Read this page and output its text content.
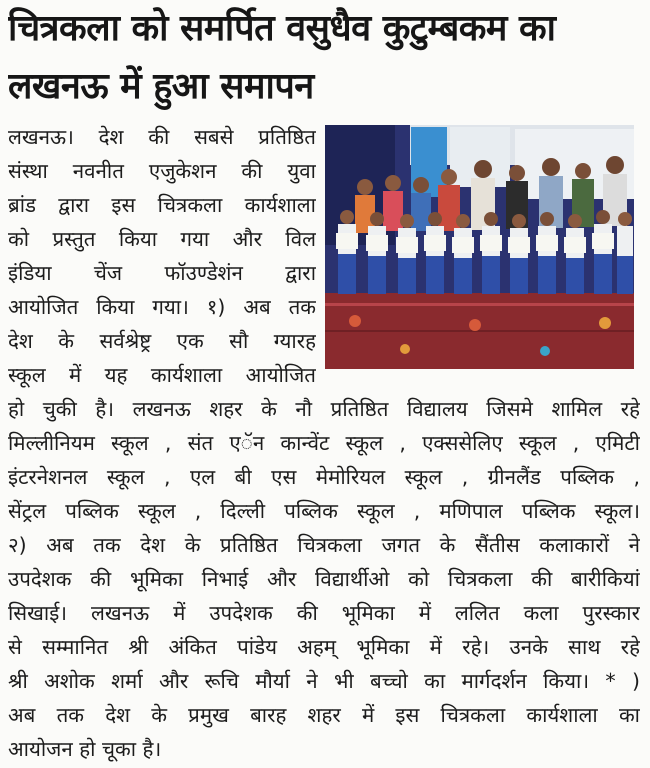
चित्रकला को समर्पित वसुधैव कुटुम्बकम का
लखनऊ में हुआ समापन
लखनऊ। देश की सबसे प्रतिष्ठित
संस्था नवनीत एजुकेशन की युवा
ब्रांड द्वारा इस चित्रकला कार्यशाला
को प्रस्तुत किया गया और विल
इंडिया चेंज फॉउण्डेशंन द्वारा
आयोजित किया गया। १) अब तक
देश के सर्वश्रेष्ट्र एक सौ ग्यारह
स्कूल में यह कार्यशाला आयोजित
हो चुकी है। लखनऊ शहर के नौ प्रतिष्ठित विद्यालय जिसमे शामिल रहे
मिल्लीनियम स्कूल , संत एॅन कान्वेंट स्कूल , एक्ससेलिए स्कूल , एमिटी
इंटरनेशनल स्कूल , एल बी एस मेमोरियल स्कूल , ग्रीनलैंड पब्लिक ,
सेंट्रल पब्लिक स्कूल , दिल्ली पब्लिक स्कूल , मणिपाल पब्लिक स्कूल।
२) अब तक देश के प्रतिष्ठित चित्रकला जगत के सैंतीस कलाकारों ने
उपदेशक की भूमिका निभाई और विद्यार्थीओ को चित्रकला की बारीकियां
सिखाई। लखनऊ में उपदेशक की भूमिका में ललित कला पुरस्कार
से सम्मानित श्री अंकित पांडेय अहम् भूमिका में रहे। उनके साथ रहे
श्री अशोक शर्मा और रूचि मौर्या ने भी बच्चो का मार्गदर्शन किया। * )
अब तक देश के प्रमुख बारह शहर में इस चित्रकला कार्यशाला का
आयोजन हो चूका है।
